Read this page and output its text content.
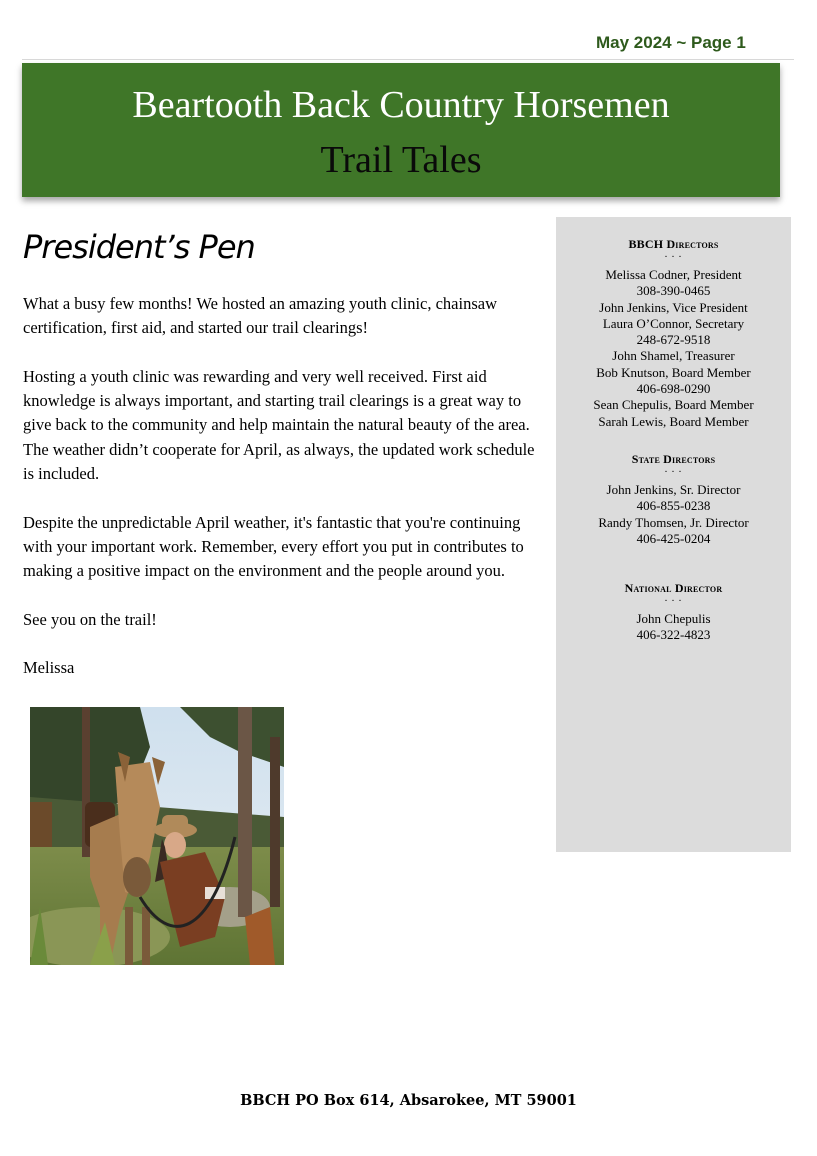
May 2024 ~ Page 1
Beartooth Back Country Horsemen
Trail Tales
President’s Pen

What a busy few months! We hosted an amazing youth clinic, chainsaw certification, first aid, and started our trail clearings!

Hosting a youth clinic was rewarding and very well received. First aid knowledge is always important, and starting trail clearings is a great way to give back to the community and help maintain the natural beauty of the area. The weather didn’t cooperate for April, as always, the updated work schedule is included.

Despite the unpredictable April weather, it's fantastic that you're continuing with your important work. Remember, every effort you put in contributes to making a positive impact on the environment and the people around you.

See you on the trail!

Melissa

BBCH Directors
. . .
Melissa Codner, President
308-390-0465
John Jenkins, Vice President
Laura O’Connor, Secretary
248-672-9518
John Shamel, Treasurer
Bob Knutson, Board Member
406-698-0290
Sean Chepulis, Board Member
Sarah Lewis, Board Member
State Directors
. . .
John Jenkins, Sr. Director
406-855-0238
Randy Thomsen, Jr. Director
406-425-0204
National Director
. . .
John Chepulis
406-322-4823
BBCH PO Box 614, Absarokee, MT 59001
